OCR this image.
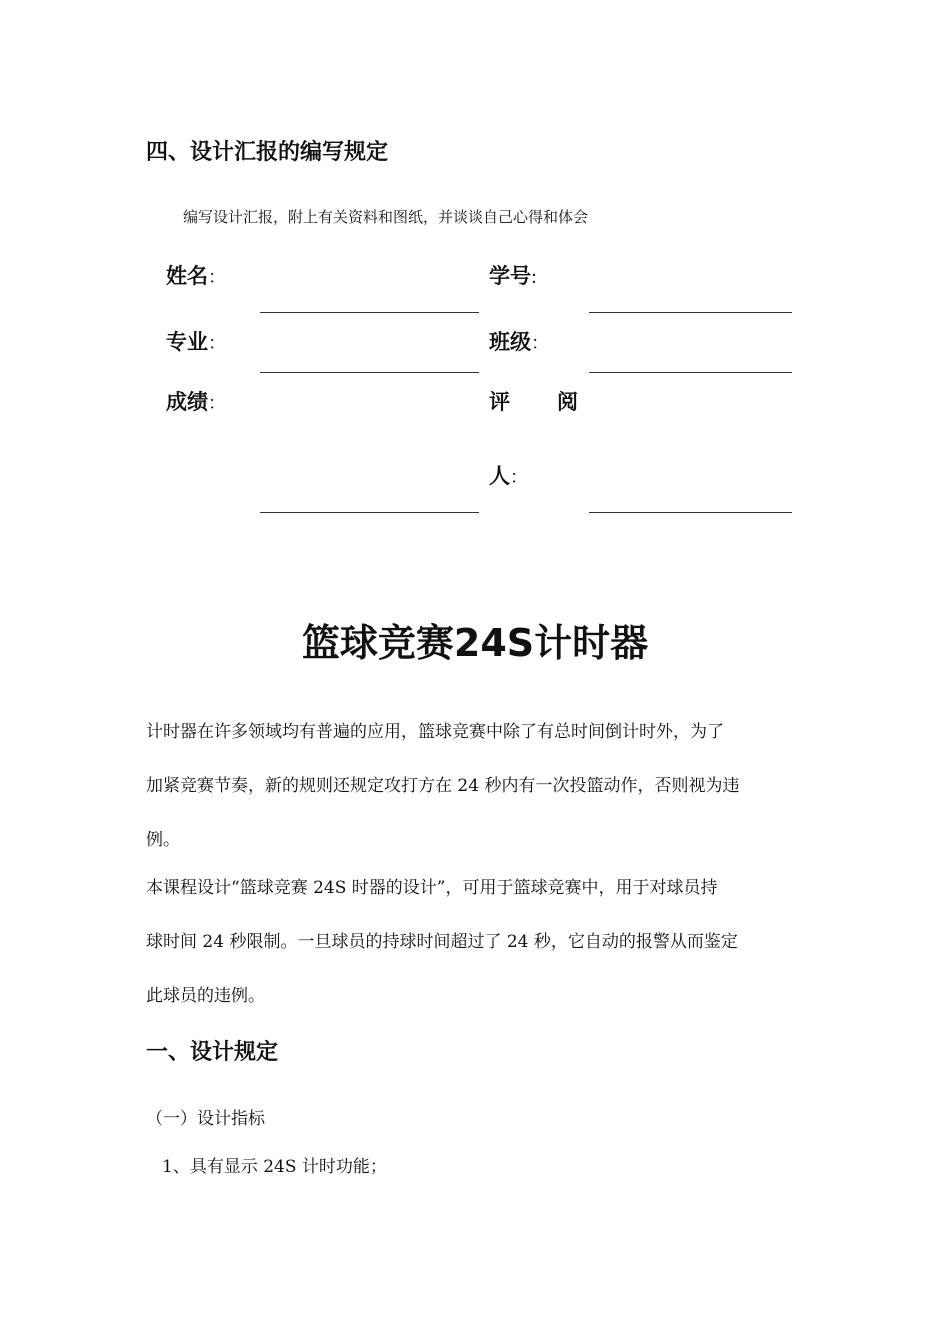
四、设计汇报的编写规定
编写设计汇报，附上有关资料和图纸，并谈谈自己心得和体会
姓名：	学号:
专业：	班级：
成绩：	评 阅
人：
篮球竞赛24S计时器
计时器在许多领域均有普遍的应用，篮球竞赛中除了有总时间倒计时外，为了
加紧竞赛节奏，新的规则还规定攻打方在 24 秒内有一次投篮动作，否则视为违
例。
本课程设计“篮球竞赛 24S 时器的设计”，可用于篮球竞赛中，用于对球员持
球时间 24 秒限制。一旦球员的持球时间超过了 24 秒，它自动的报警从而鉴定
此球员的违例。
一、设计规定
（一）设计指标
1、具有显示 24S 计时功能；
